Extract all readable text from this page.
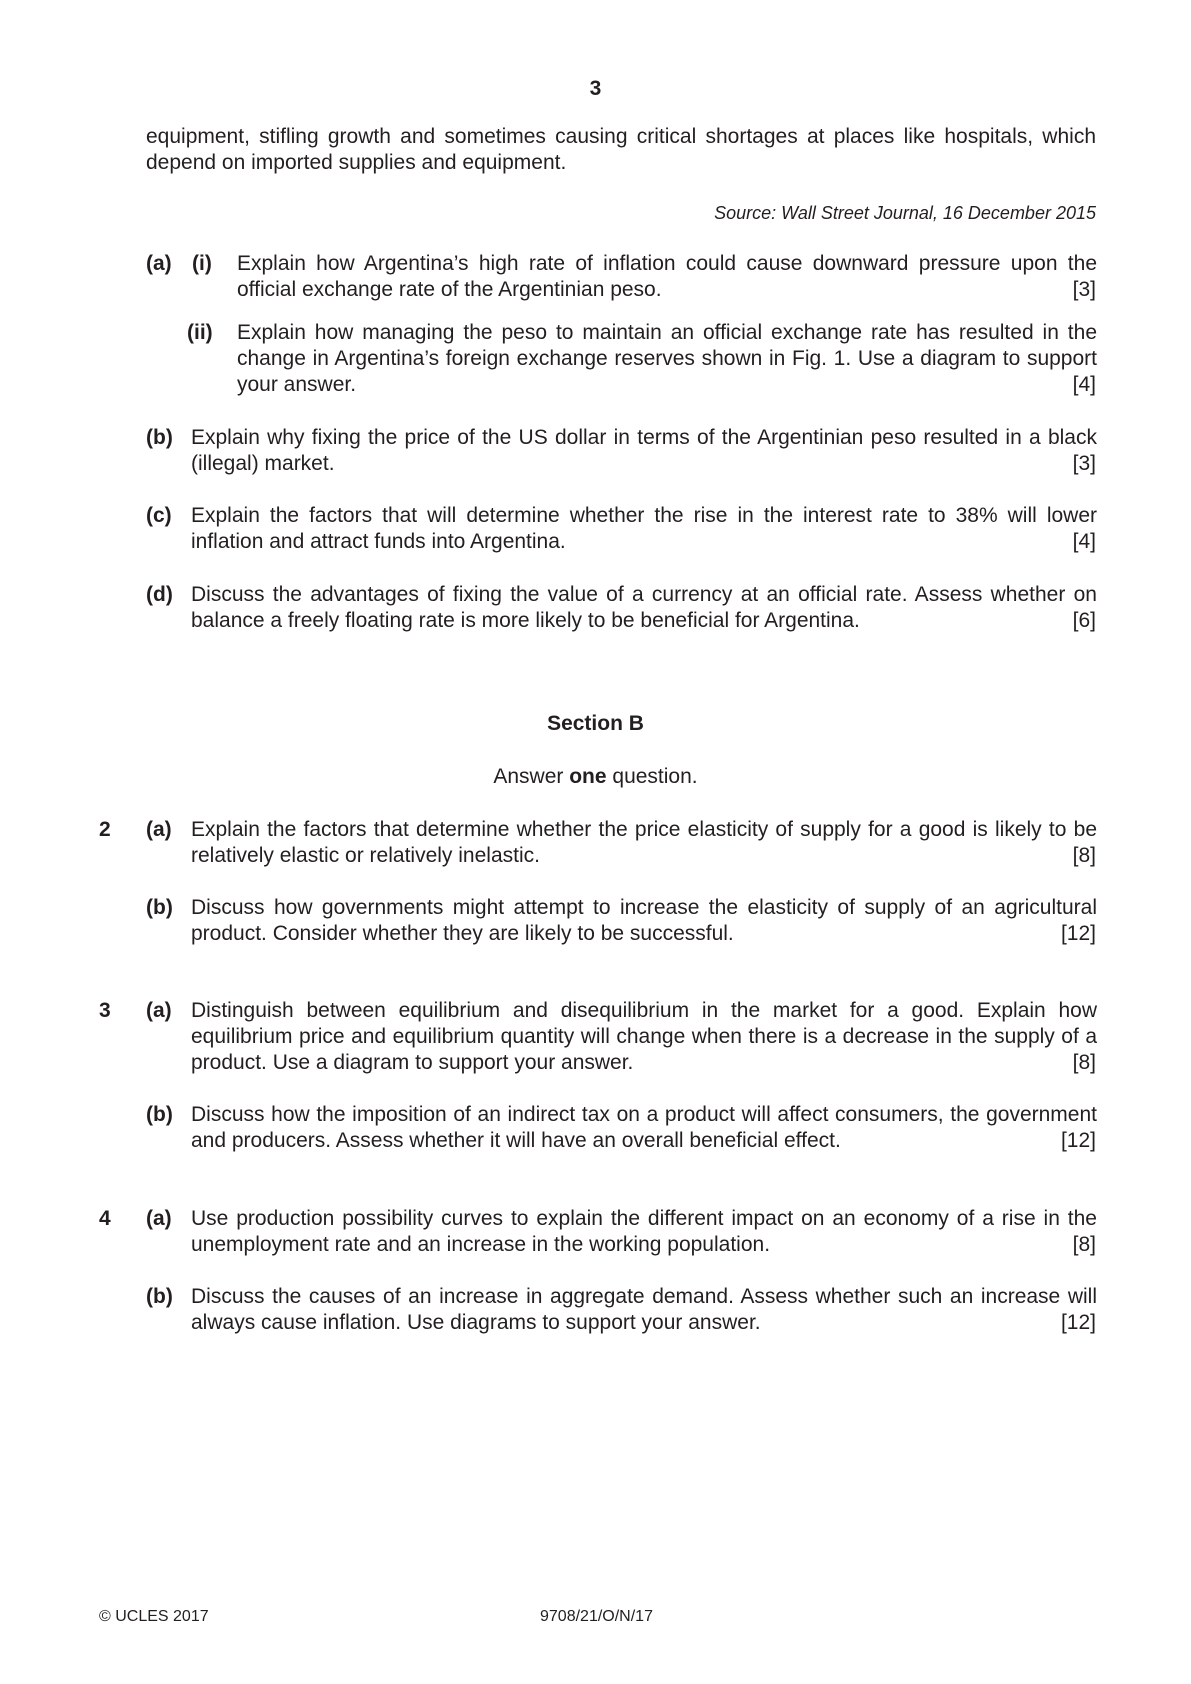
3
equipment, stifling growth and sometimes causing critical shortages at places like hospitals, which depend on imported supplies and equipment.
Source: Wall Street Journal, 16 December 2015
(a) (i) Explain how Argentina’s high rate of inflation could cause downward pressure upon the official exchange rate of the Argentinian peso.	[3]
(ii) Explain how managing the peso to maintain an official exchange rate has resulted in the change in Argentina’s foreign exchange reserves shown in Fig. 1. Use a diagram to support your answer.	[4]
(b) Explain why fixing the price of the US dollar in terms of the Argentinian peso resulted in a black (illegal) market.	[3]
(c) Explain the factors that will determine whether the rise in the interest rate to 38% will lower inflation and attract funds into Argentina.	[4]
(d) Discuss the advantages of fixing the value of a currency at an official rate. Assess whether on balance a freely floating rate is more likely to be beneficial for Argentina.	[6]
Section B
Answer one question.
2 (a) Explain the factors that determine whether the price elasticity of supply for a good is likely to be relatively elastic or relatively inelastic.	[8]
(b) Discuss how governments might attempt to increase the elasticity of supply of an agricultural product. Consider whether they are likely to be successful.	[12]
3 (a) Distinguish between equilibrium and disequilibrium in the market for a good. Explain how equilibrium price and equilibrium quantity will change when there is a decrease in the supply of a product. Use a diagram to support your answer.	[8]
(b) Discuss how the imposition of an indirect tax on a product will affect consumers, the government and producers. Assess whether it will have an overall beneficial effect.	[12]
4 (a) Use production possibility curves to explain the different impact on an economy of a rise in the unemployment rate and an increase in the working population.	[8]
(b) Discuss the causes of an increase in aggregate demand. Assess whether such an increase will always cause inflation. Use diagrams to support your answer.	[12]
© UCLES 2017	9708/21/O/N/17
